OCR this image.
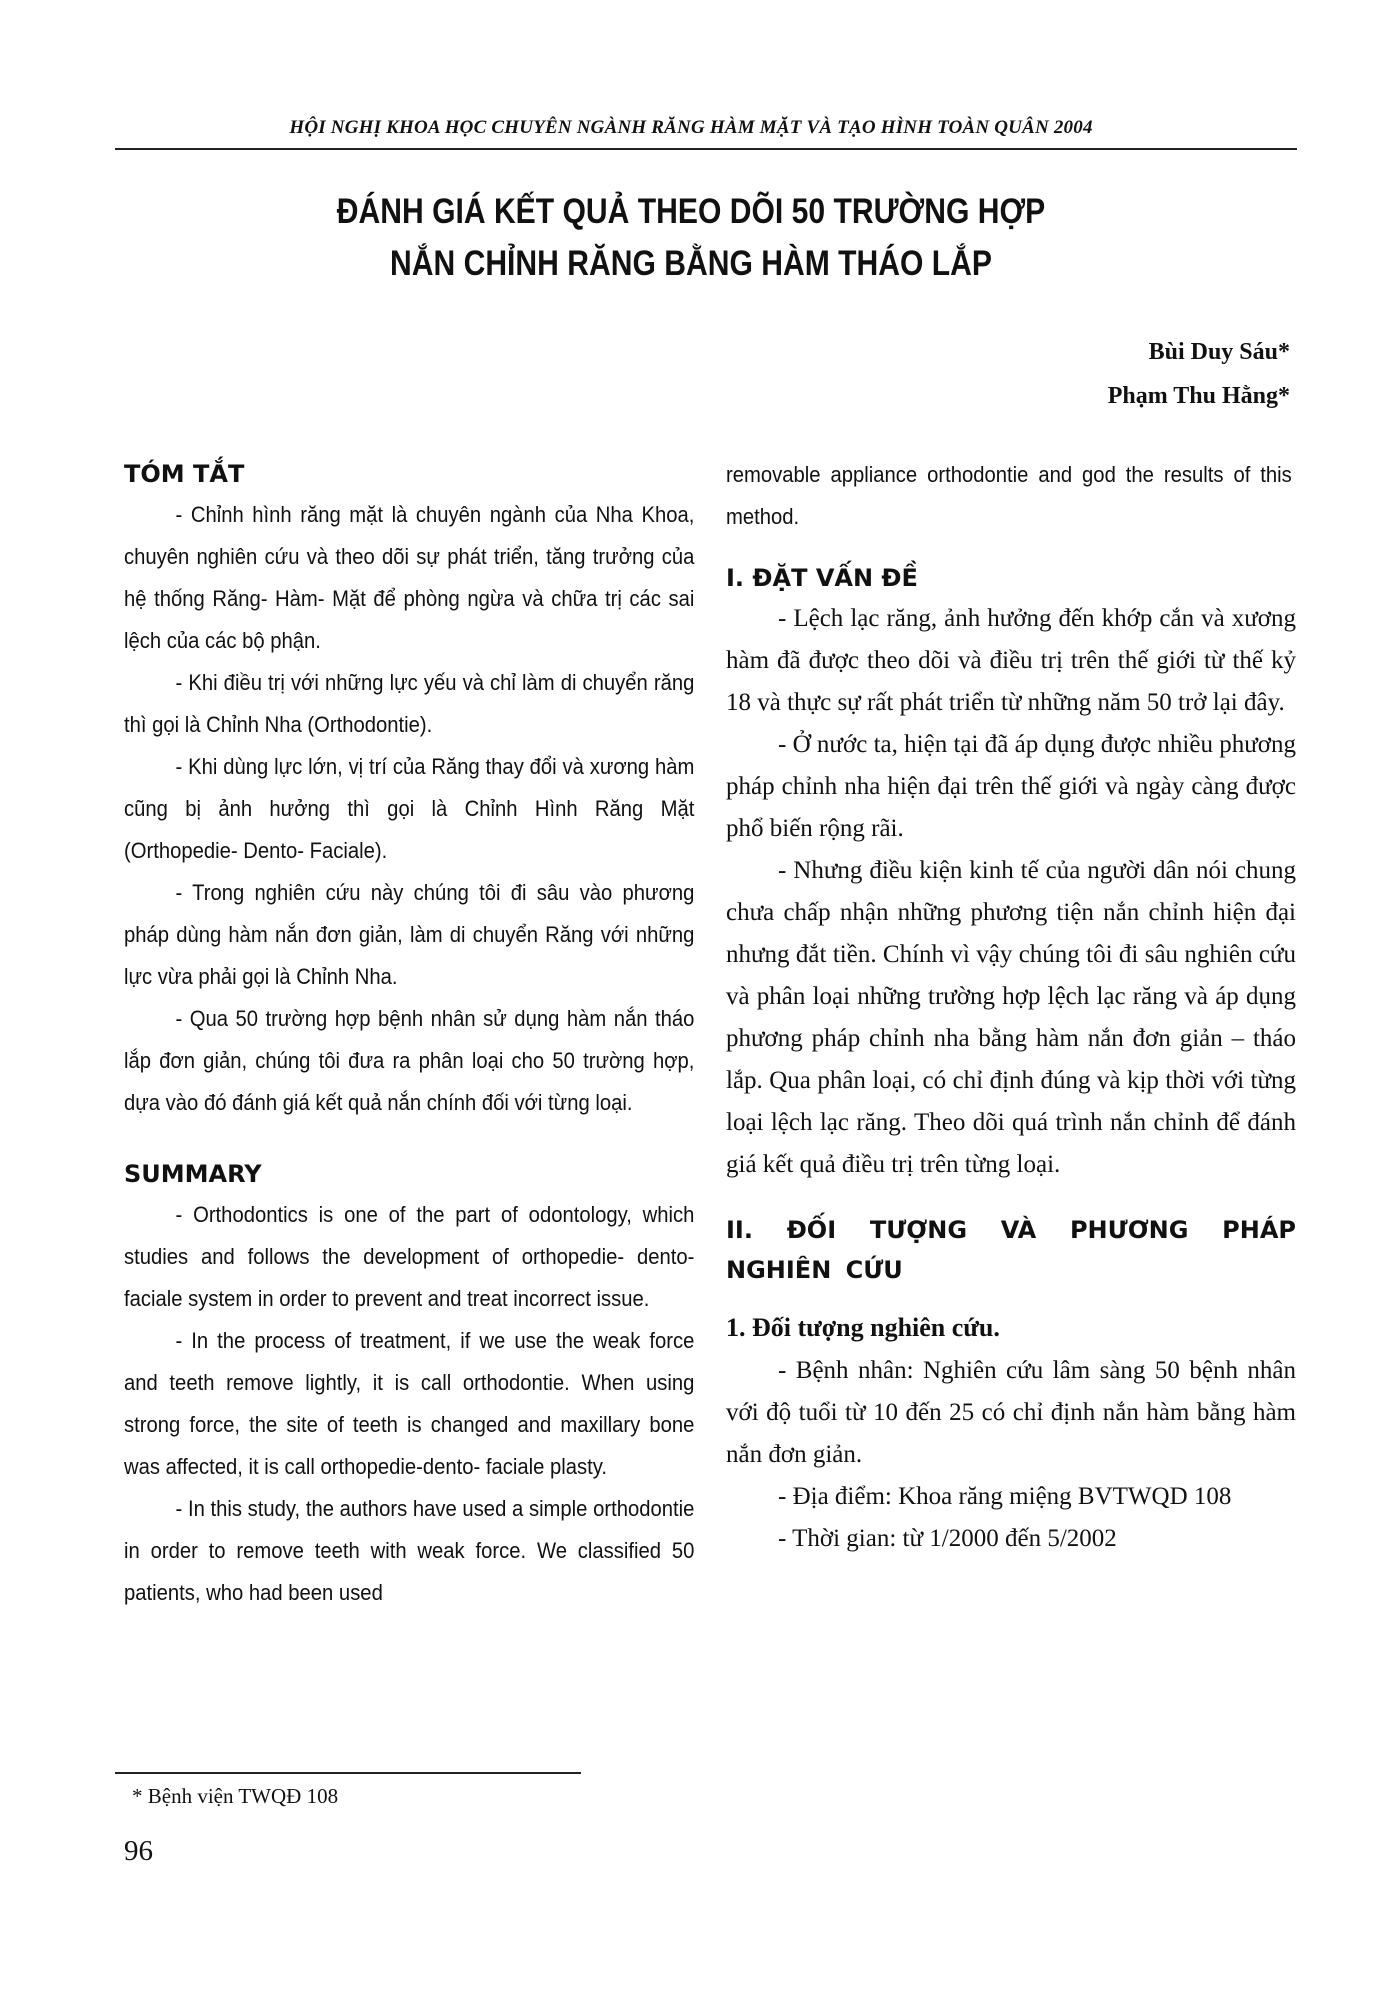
HỘI NGHỊ KHOA HỌC CHUYÊN NGÀNH RĂNG HÀM MẶT VÀ TẠO HÌNH TOÀN QUÂN 2004
ĐÁNH GIÁ KẾT QUẢ THEO DÕI 50 TRƯỜNG HỢP
NẮN CHỈNH RĂNG BẰNG HÀM THÁO LẮP
Bùi Duy Sáu*
Phạm Thu Hằng*

TÓM TẮT

- Chỉnh hình răng mặt là chuyên ngành của Nha Khoa, chuyên nghiên cứu và theo dõi sự phát triển, tăng trưởng của hệ thống Răng- Hàm- Mặt để phòng ngừa và chữa trị các sai lệch của các bộ phận.

- Khi điều trị với những lực yếu và chỉ làm di chuyển răng thì gọi là Chỉnh Nha (Orthodontie).

- Khi dùng lực lớn, vị trí của Răng thay đổi và xương hàm cũng bị ảnh hưởng thì gọi là Chỉnh Hình Răng Mặt (Orthopedie- Dento- Faciale).

- Trong nghiên cứu này chúng tôi đi sâu vào phương pháp dùng hàm nắn đơn giản, làm di chuyển Răng với những lực vừa phải gọi là Chỉnh Nha.

- Qua 50 trường hợp bệnh nhân sử dụng hàm nắn tháo lắp đơn giản, chúng tôi đưa ra phân loại cho 50 trường hợp, dựa vào đó đánh giá kết quả nắn chính đối với từng loại.

SUMMARY

- Orthodontics is one of the part of odontology, which studies and follows the development of orthopedie- dento- faciale system in order to prevent and treat incorrect issue.

- In the process of treatment, if we use the weak force and teeth remove lightly, it is call orthodontie. When using strong force, the site of teeth is changed and maxillary bone was affected, it is call orthopedie-dento- faciale plasty.

- In this study, the authors have used a simple orthodontie in order to remove teeth with weak force. We classified 50 patients, who had been used

removable appliance orthodontie and god the results of this method.

I. ĐẶT VẤN ĐỀ

- Lệch lạc răng, ảnh hưởng đến khớp cắn và xương hàm đã được theo dõi và điều trị trên thế giới từ thế kỷ 18 và thực sự rất phát triển từ những năm 50 trở lại đây.

- Ở nước ta, hiện tại đã áp dụng được nhiều phương pháp chỉnh nha hiện đại trên thế giới và ngày càng được phổ biến rộng rãi.

- Nhưng điều kiện kinh tế của người dân nói chung chưa chấp nhận những phương tiện nắn chỉnh hiện đại nhưng đắt tiền. Chính vì vậy chúng tôi đi sâu nghiên cứu và phân loại những trường hợp lệch lạc răng và áp dụng phương pháp chỉnh nha bằng hàm nắn đơn giản – tháo lắp. Qua phân loại, có chỉ định đúng và kịp thời với từng loại lệch lạc răng. Theo dõi quá trình nắn chỉnh để đánh giá kết quả điều trị trên từng loại.

II. ĐỐI TƯỢNG VÀ PHƯƠNG PHÁP NGHIÊN CỨU

1. Đối tượng nghiên cứu.

- Bệnh nhân: Nghiên cứu lâm sàng 50 bệnh nhân với độ tuổi từ 10 đến 25 có chỉ định nắn hàm bằng hàm nắn đơn giản.

- Địa điểm: Khoa răng miệng BVTWQD 108

- Thời gian: từ 1/2000 đến 5/2002

* Bệnh viện TWQĐ 108
96
